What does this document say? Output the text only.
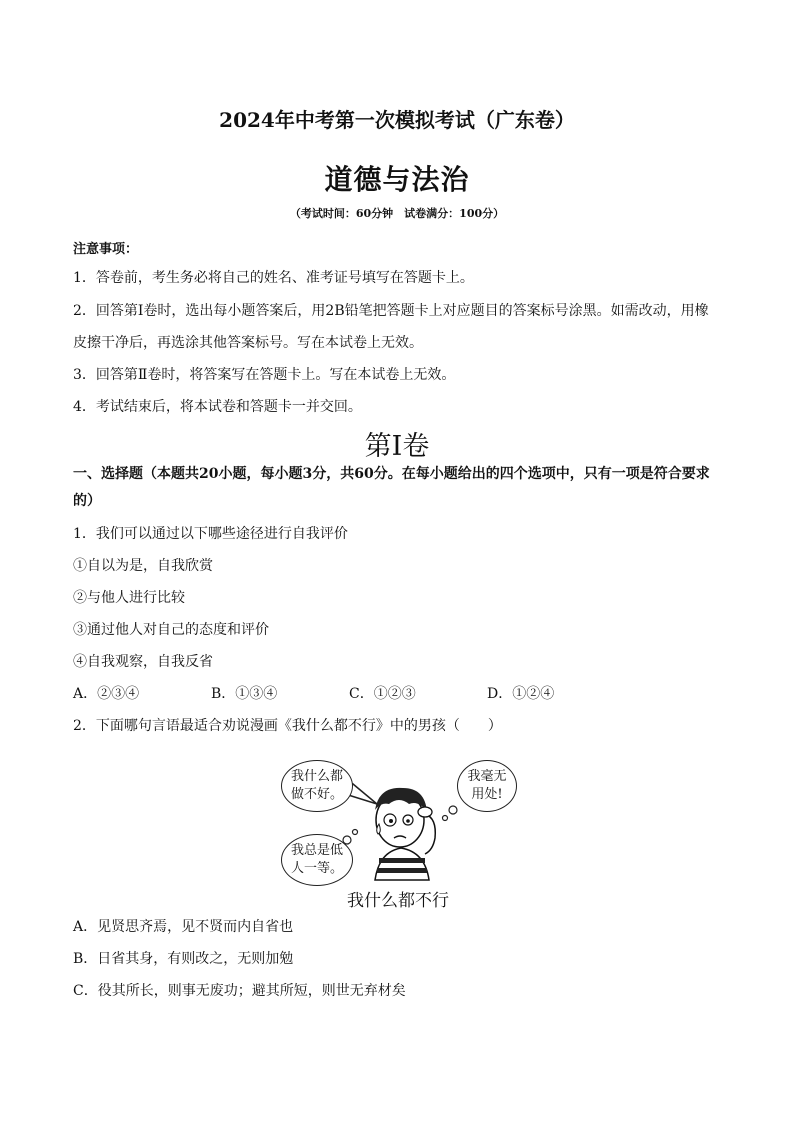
2024年中考第一次模拟考试（广东卷）
道德与法治
（考试时间：60分钟　试卷满分：100分）
注意事项：
1．答卷前，考生务必将自己的姓名、准考证号填写在答题卡上。
2．回答第Ⅰ卷时，选出每小题答案后，用2B铅笔把答题卡上对应题目的答案标号涂黑。如需改动，用橡
皮擦干净后，再选涂其他答案标号。写在本试卷上无效。
3．回答第Ⅱ卷时，将答案写在答题卡上。写在本试卷上无效。
4．考试结束后，将本试卷和答题卡一并交回。
第Ⅰ卷
一、选择题（本题共20小题，每小题3分，共60分。在每小题给出的四个选项中，只有一项是符合要求
的）
1．我们可以通过以下哪些途径进行自我评价
①自以为是，自我欣赏
②与他人进行比较
③通过他人对自己的态度和评价
④自我观察，自我反省
A．②③④	B．①③④	C．①②③	D．①②④
2．下面哪句言语最适合劝说漫画《我什么都不行》中的男孩（　　）
我什么都
做不好。
我毫无
用处!
我总是低
人一等。
我什么都不行
A．见贤思齐焉，见不贤而内自省也
B．日省其身，有则改之，无则加勉
C．役其所长，则事无废功；避其所短，则世无弃材矣
